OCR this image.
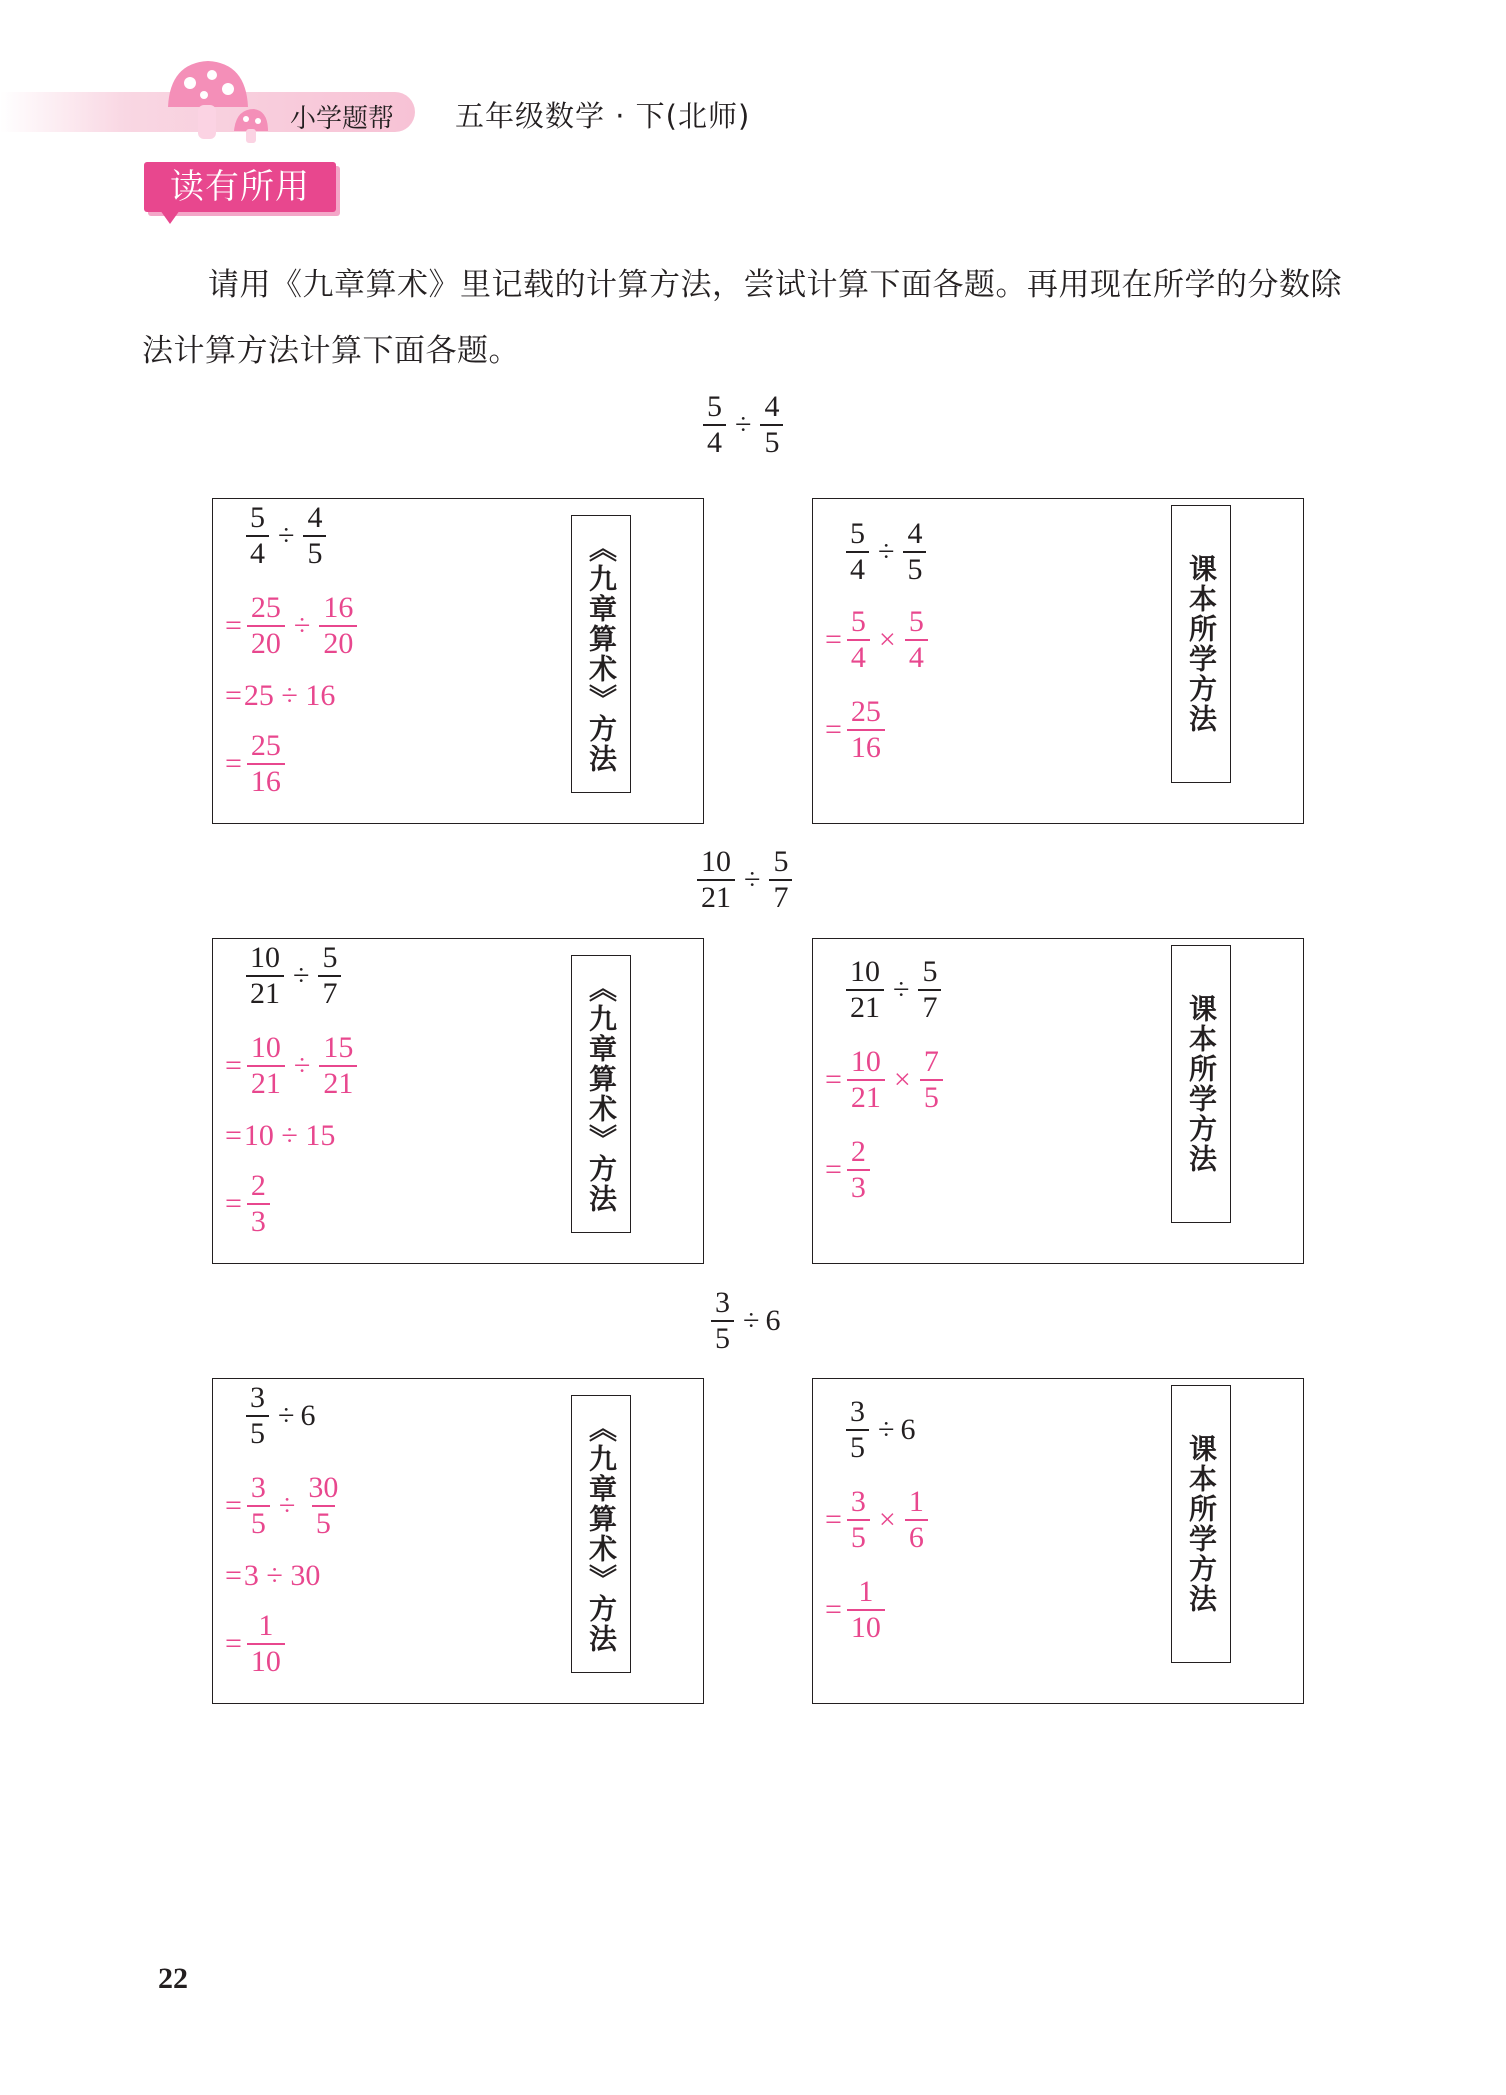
小学题帮 五年级数学 · 下(北师)
读有所用
请用《九章算术》里记载的计算方法，尝试计算下面各题。再用现在所学的分数除法计算方法计算下面各题。
$\frac{5}{4} \div \frac{4}{5}$
$\frac{5}{4} \div \frac{4}{5}$
= $\frac{25}{20} \div \frac{16}{20}$
= 25 ÷ 16
= $\frac{25}{16}$	《九章算术》方法	$\frac{5}{4} \div \frac{4}{5}$
= $\frac{5}{4} \times \frac{5}{4}$
= $\frac{25}{16}$	课本所学方法
$\frac{10}{21} \div \frac{5}{7}$
$\frac{10}{21} \div \frac{5}{7}$
= $\frac{10}{21} \div \frac{15}{21}$
= 10 ÷ 15
= $\frac{2}{3}$	《九章算术》方法	$\frac{10}{21} \div \frac{5}{7}$
= $\frac{10}{21} \times \frac{7}{5}$
= $\frac{2}{3}$	课本所学方法
$\frac{3}{5} \div 6$
$\frac{3}{5} \div 6$
= $\frac{3}{5} \div \frac{30}{5}$
= 3 ÷ 30
= $\frac{1}{10}$	《九章算术》方法	$\frac{3}{5} \div 6$
= $\frac{3}{5} \times \frac{1}{6}$
= $\frac{1}{10}$	课本所学方法
22
